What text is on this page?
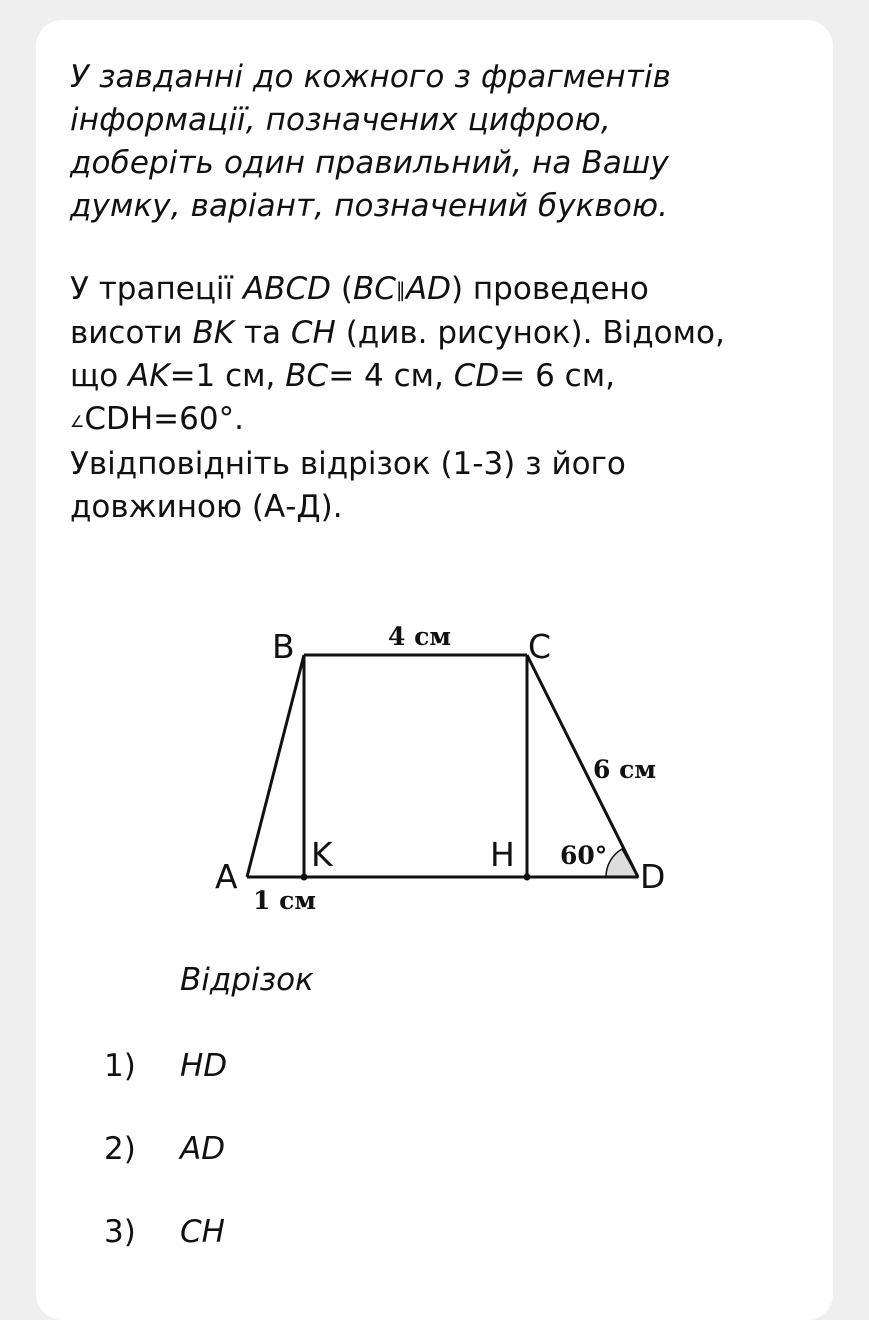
У завданні до кожного з фрагментів
інформації, позначених цифрою,
доберіть один правильний, на Вашу
думку, варіант, позначений буквою.
У трапеції ABCD (BC∥AD) проведено
висоти BK та CH (див. рисунок). Відомо,
що AK=1 см, BC= 4 см, CD= 6 см,
∠CDH=60°.
Увідповідніть відрізок (1-3) з його
довжиною (А-Д).
A
B	C
D
K	H
4 см
6 см
1 см
60°
Відрізок
1) HD
2) AD
3) CH
